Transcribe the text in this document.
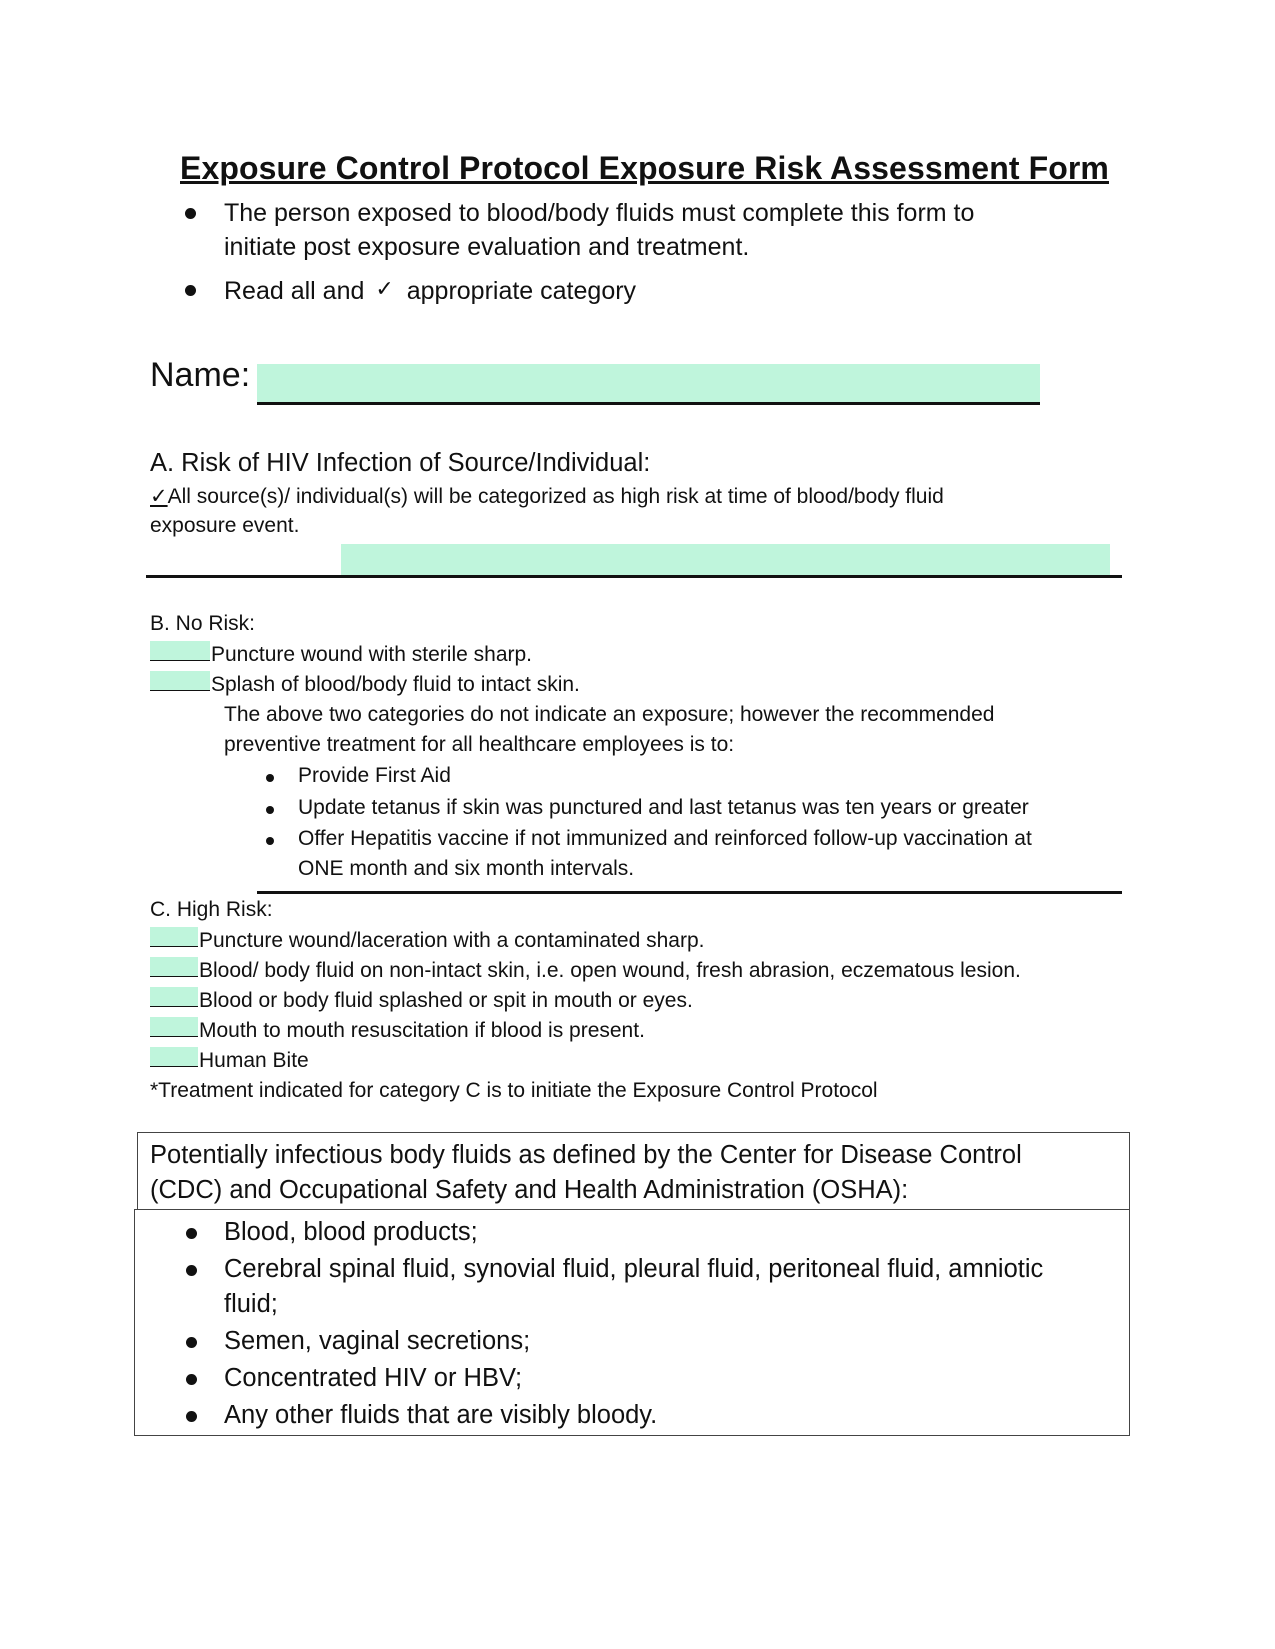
Exposure Control Protocol Exposure Risk Assessment Form
The person exposed to blood/body fluids must complete this form to
initiate post exposure evaluation and treatment.
Read all and ✓ appropriate category
Name:
A. Risk of HIV Infection of Source/Individual:
✓All source(s)/ individual(s) will be categorized as high risk at time of blood/body fluid
exposure event.
B. No Risk:
Puncture wound with sterile sharp.
Splash of blood/body fluid to intact skin.
The above two categories do not indicate an exposure; however the recommended
preventive treatment for all healthcare employees is to:
Provide First Aid
Update tetanus if skin was punctured and last tetanus was ten years or greater
Offer Hepatitis vaccine if not immunized and reinforced follow-up vaccination at
ONE month and six month intervals.
C. High Risk:
Puncture wound/laceration with a contaminated sharp.
Blood/ body fluid on non-intact skin, i.e. open wound, fresh abrasion, eczematous lesion.
Blood or body fluid splashed or spit in mouth or eyes.
Mouth to mouth resuscitation if blood is present.
Human Bite
*Treatment indicated for category C is to initiate the Exposure Control Protocol
Potentially infectious body fluids as defined by the Center for Disease Control
(CDC) and Occupational Safety and Health Administration (OSHA):
Blood, blood products;
Cerebral spinal fluid, synovial fluid, pleural fluid, peritoneal fluid, amniotic
fluid;
Semen, vaginal secretions;
Concentrated HIV or HBV;
Any other fluids that are visibly bloody.
